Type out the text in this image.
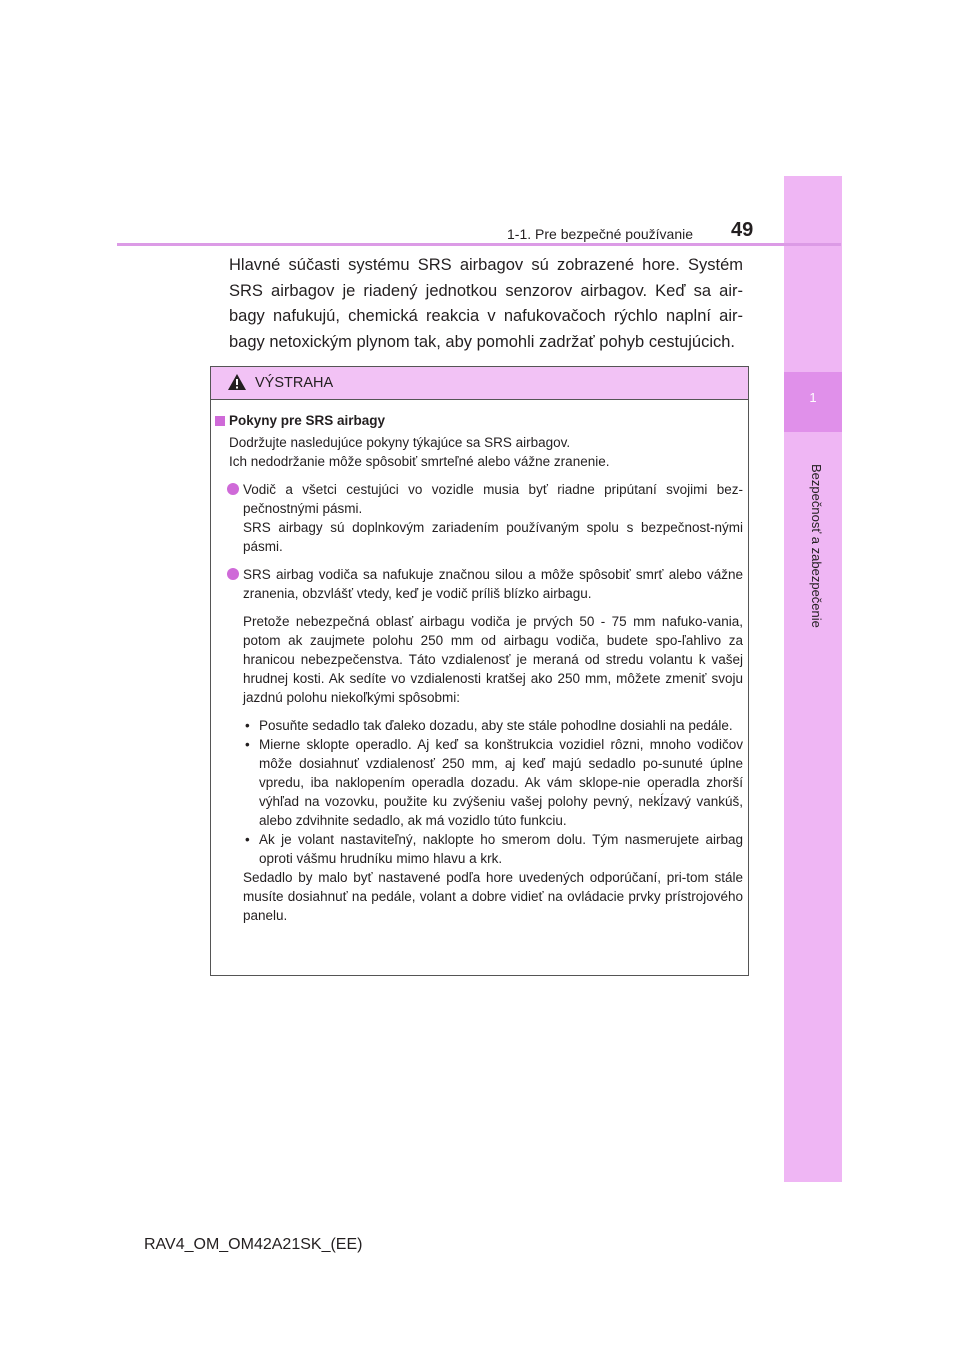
1
Bezpečnosť a zabezpečenie
1-1. Pre bezpečné používanie 49

Hlavné súčasti systému SRS airbagov sú zobrazené hore. Systém SRS airbagov je riadený jednotkou senzorov airbagov. Keď sa air-bagy nafukujú, chemická reakcia v nafukovačoch rýchlo naplní air-bagy netoxickým plynom tak, aby pomohli zadržať pohyb cestujúcich.

VÝSTRAHA
Pokyny pre SRS airbagy

Dodržujte nasledujúce pokyny týkajúce sa SRS airbagov.

Ich nedodržanie môže spôsobiť smrteľné alebo vážne zranenie.

Vodič a všetci cestujúci vo vozidle musia byť riadne pripútaní svojimi bez-pečnostnými pásmi.
SRS airbagy sú doplnkovým zariadením používaným spolu s bezpečnost-nými pásmi.

SRS airbag vodiča sa nafukuje značnou silou a môže spôsobiť smrť alebo vážne zranenia, obzvlášť vtedy, keď je vodič príliš blízko airbagu.

Pretože nebezpečná oblasť airbagu vodiča je prvých 50 - 75 mm nafuko-vania, potom ak zaujmete polohu 250 mm od airbagu vodiča, budete spo-ľahlivo za hranicou nebezpečenstva. Táto vzdialenosť je meraná od stredu volantu k vašej hrudnej kosti. Ak sedíte vo vzdialenosti kratšej ako 250 mm, môžete zmeniť svoju jazdnú polohu niekoľkými spôsobmi:

• Posuňte sedadlo tak ďaleko dozadu, aby ste stále pohodlne dosiahli na pedále.

• Mierne sklopte operadlo. Aj keď sa konštrukcia vozidiel rôzni, mnoho vodičov môže dosiahnuť vzdialenosť 250 mm, aj keď majú sedadlo po-sunuté úplne vpredu, iba naklopením operadla dozadu. Ak vám sklope-nie operadla zhorší výhľad na vozovku, použite ku zvýšeniu vašej polohy pevný, nekĺzavý vankúš, alebo zdvihnite sedadlo, ak má vozidlo túto funkciu.

• Ak je volant nastaviteľný, naklopte ho smerom dolu. Tým nasmerujete airbag oproti vášmu hrudníku mimo hlavu a krk.

Sedadlo by malo byť nastavené podľa hore uvedených odporúčaní, pri-tom stále musíte dosiahnuť na pedále, volant a dobre vidieť na ovládacie prvky prístrojového panelu.

RAV4_OM_OM42A21SK_(EE)
